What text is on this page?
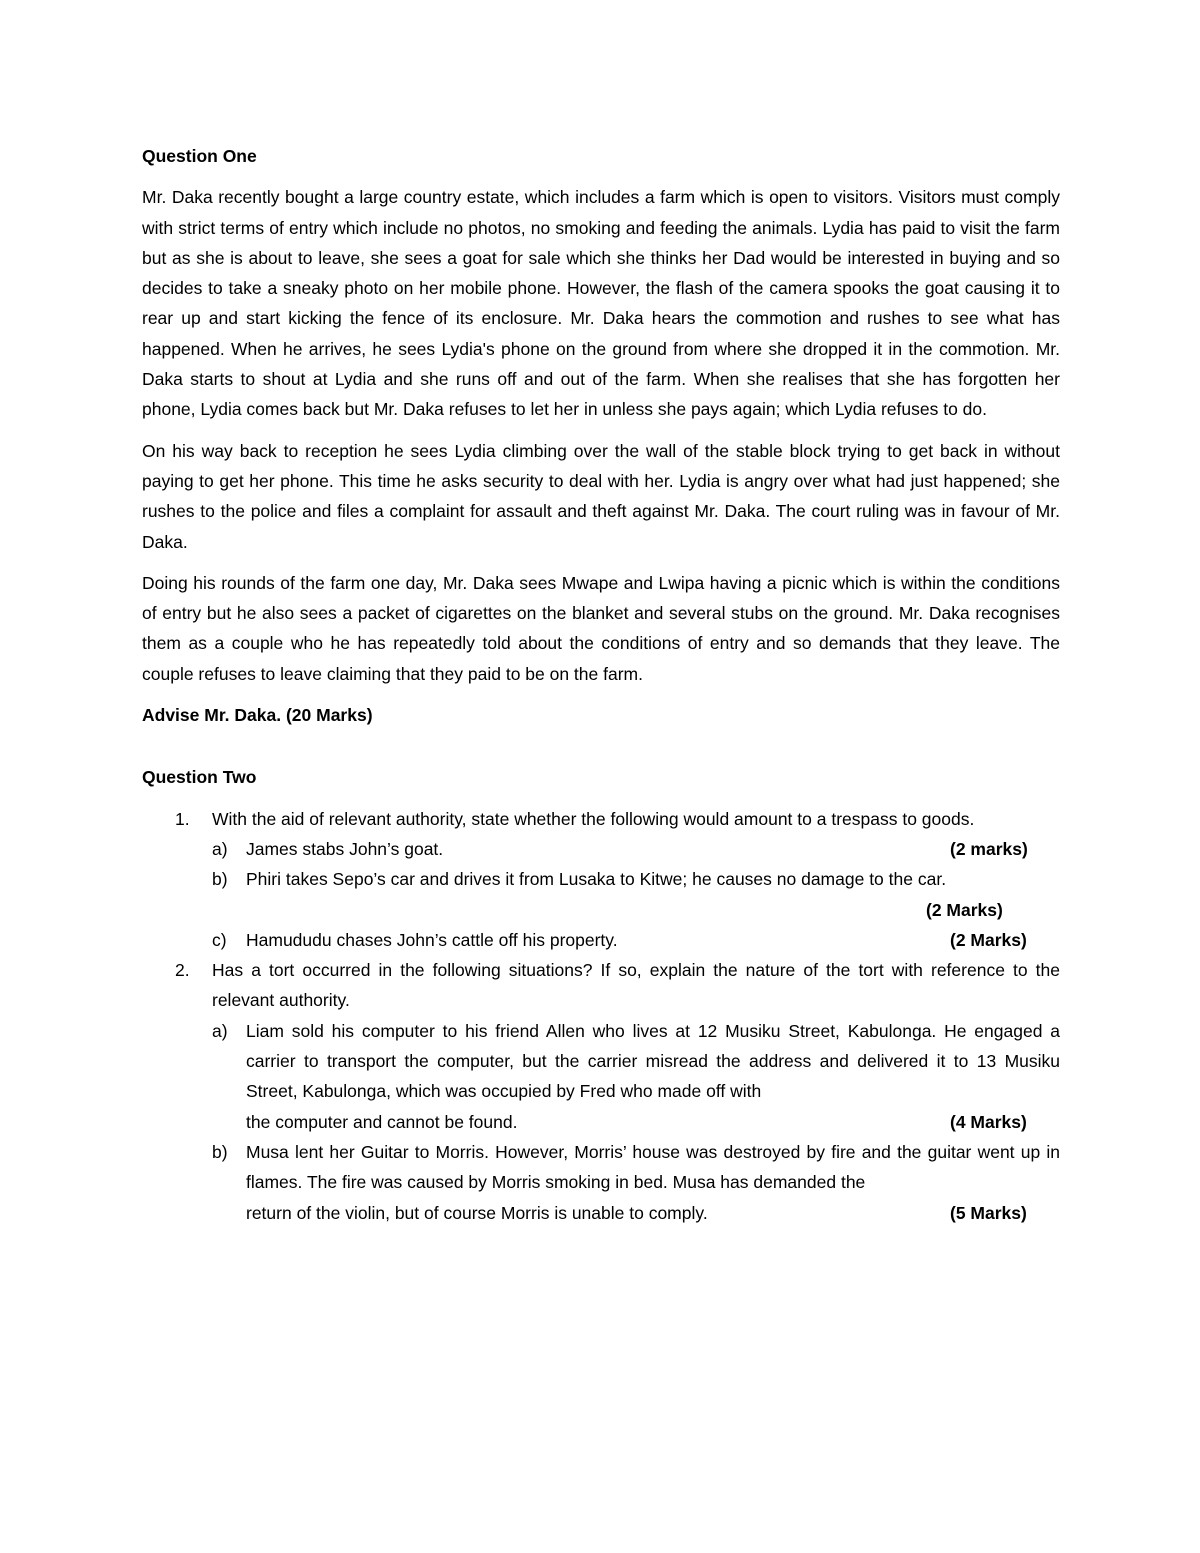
Question One

Mr. Daka recently bought a large country estate, which includes a farm which is open to visitors. Visitors must comply with strict terms of entry which include no photos, no smoking and feeding the animals. Lydia has paid to visit the farm but as she is about to leave, she sees a goat for sale which she thinks her Dad would be interested in buying and so decides to take a sneaky photo on her mobile phone. However, the flash of the camera spooks the goat causing it to rear up and start kicking the fence of its enclosure. Mr. Daka hears the commotion and rushes to see what has happened. When he arrives, he sees Lydia's phone on the ground from where she dropped it in the commotion. Mr. Daka starts to shout at Lydia and she runs off and out of the farm. When she realises that she has forgotten her phone, Lydia comes back but Mr. Daka refuses to let her in unless she pays again; which Lydia refuses to do.

On his way back to reception he sees Lydia climbing over the wall of the stable block trying to get back in without paying to get her phone. This time he asks security to deal with her. Lydia is angry over what had just happened; she rushes to the police and files a complaint for assault and theft against Mr. Daka. The court ruling was in favour of Mr. Daka.

Doing his rounds of the farm one day, Mr. Daka sees Mwape and Lwipa having a picnic which is within the conditions of entry but he also sees a packet of cigarettes on the blanket and several stubs on the ground. Mr. Daka recognises them as a couple who he has repeatedly told about the conditions of entry and so demands that they leave. The couple refuses to leave claiming that they paid to be on the farm.

Advise Mr. Daka. (20 Marks)
Question Two
1. With the aid of relevant authority, state whether the following would amount to a trespass to goods.
a) James stabs John’s goat.	(2 marks)
b) Phiri takes Sepo’s car and drives it from Lusaka to Kitwe; he causes no damage to the car.
(2 Marks)
c) Hamududu chases John’s cattle off his property.	(2 Marks)
2. Has a tort occurred in the following situations? If so, explain the nature of the tort with reference to the relevant authority.
a) Liam sold his computer to his friend Allen who lives at 12 Musiku Street, Kabulonga. He engaged a carrier to transport the computer, but the carrier misread the address and delivered it to 13 Musiku Street, Kabulonga, which was occupied by Fred who made off with
the computer and cannot be found.	(4 Marks)
b) Musa lent her Guitar to Morris. However, Morris’ house was destroyed by fire and the guitar went up in flames. The fire was caused by Morris smoking in bed. Musa has demanded the
return of the violin, but of course Morris is unable to comply.	(5 Marks)
